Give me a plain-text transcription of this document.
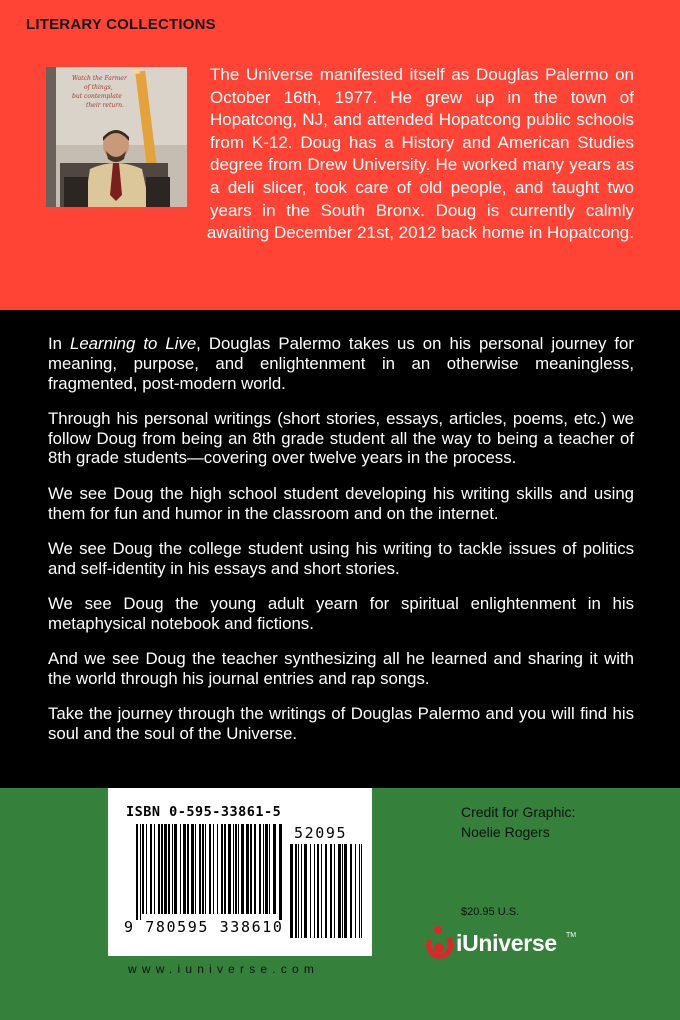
LITERARY COLLECTIONS
Watch the Farmer
of things,
but contemplate
their return.

The Universe manifested itself as Douglas Palermo on October 16th, 1977. He grew up in the town of Hopatcong, NJ, and attended Hopatcong public schools from K-12. Doug has a History and American Studies degree from Drew University. He worked many years as a deli slicer, took care of old people, and taught two years in the South Bronx. Doug is currently calmly awaiting December 21st, 2012 back home in Hopatcong.

In Learning to Live, Douglas Palermo takes us on his personal journey for meaning, purpose, and enlightenment in an otherwise meaningless, fragmented, post-modern world.

Through his personal writings (short stories, essays, articles, poems, etc.) we follow Doug from being an 8th grade student all the way to being a teacher of 8th grade students—covering over twelve years in the process.

We see Doug the high school student developing his writing skills and using them for fun and humor in the classroom and on the internet.

We see Doug the college student using his writing to tackle issues of politics and self-identity in his essays and short stories.

We see Doug the young adult yearn for spiritual enlightenment in his metaphysical notebook and fictions.

And we see Doug the teacher synthesizing all he learned and sharing it with the world through his journal entries and rap songs.

Take the journey through the writings of Douglas Palermo and you will find his soul and the soul of the Universe.

ISBN 0-595-33861-5
52095
9 780595 338610
www.iuniverse.com
Credit for Graphic:
Noelie Rogers
$20.95 U.S.
iUniverse TM
